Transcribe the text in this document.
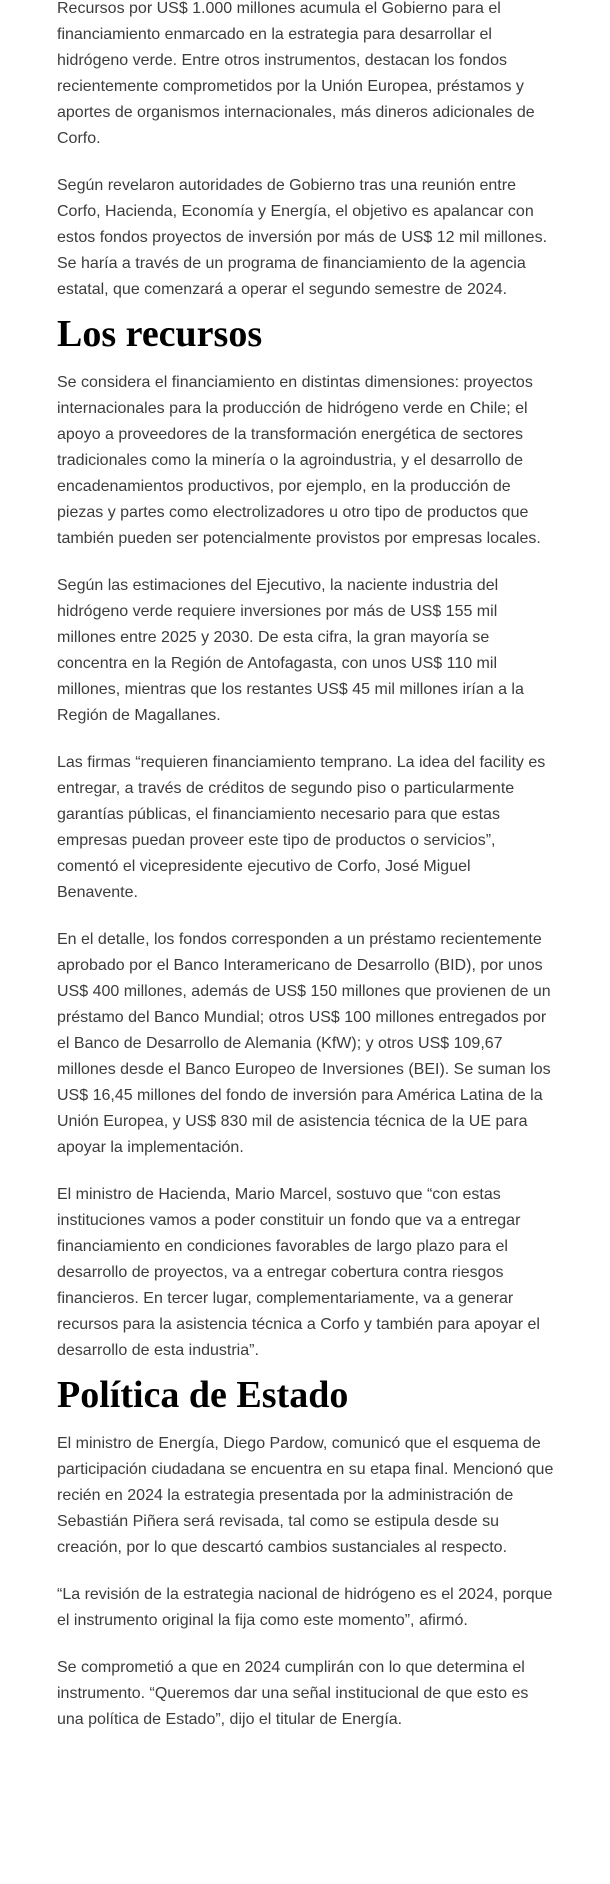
Recursos por US$ 1.000 millones acumula el Gobierno para el financiamiento enmarcado en la estrategia para desarrollar el hidrógeno verde. Entre otros instrumentos, destacan los fondos recientemente comprometidos por la Unión Europea, préstamos y aportes de organismos internacionales, más dineros adicionales de Corfo.

Según revelaron autoridades de Gobierno tras una reunión entre Corfo, Hacienda, Economía y Energía, el objetivo es apalancar con estos fondos proyectos de inversión por más de US$ 12 mil millones. Se haría a través de un programa de financiamiento de la agencia estatal, que comenzará a operar el segundo semestre de 2024.

Los recursos

Se considera el financiamiento en distintas dimensiones: proyectos internacionales para la producción de hidrógeno verde en Chile; el apoyo a proveedores de la transformación energética de sectores tradicionales como la minería o la agroindustria, y el desarrollo de encadenamientos productivos, por ejemplo, en la producción de piezas y partes como electrolizadores u otro tipo de productos que también pueden ser potencialmente provistos por empresas locales.

Según las estimaciones del Ejecutivo, la naciente industria del hidrógeno verde requiere inversiones por más de US$ 155 mil millones entre 2025 y 2030. De esta cifra, la gran mayoría se concentra en la Región de Antofagasta, con unos US$ 110 mil millones, mientras que los restantes US$ 45 mil millones irían a la Región de Magallanes.

Las firmas “requieren financiamiento temprano. La idea del facility es entregar, a través de créditos de segundo piso o particularmente garantías públicas, el financiamiento necesario para que estas empresas puedan proveer este tipo de productos o servicios”, comentó el vicepresidente ejecutivo de Corfo, José Miguel Benavente.

En el detalle, los fondos corresponden a un préstamo recientemente aprobado por el Banco Interamericano de Desarrollo (BID), por unos US$ 400 millones, además de US$ 150 millones que provienen de un préstamo del Banco Mundial; otros US$ 100 millones entregados por el Banco de Desarrollo de Alemania (KfW); y otros US$ 109,67 millones desde el Banco Europeo de Inversiones (BEI). Se suman los US$ 16,45 millones del fondo de inversión para América Latina de la Unión Europea, y US$ 830 mil de asistencia técnica de la UE para apoyar la implementación.

El ministro de Hacienda, Mario Marcel, sostuvo que “con estas instituciones vamos a poder constituir un fondo que va a entregar financiamiento en condiciones favorables de largo plazo para el desarrollo de proyectos, va a entregar cobertura contra riesgos financieros. En tercer lugar, complementariamente, va a generar recursos para la asistencia técnica a Corfo y también para apoyar el desarrollo de esta industria”.

Política de Estado

El ministro de Energía, Diego Pardow, comunicó que el esquema de participación ciudadana se encuentra en su etapa final. Mencionó que recién en 2024 la estrategia presentada por la administración de Sebastián Piñera será revisada, tal como se estipula desde su creación, por lo que descartó cambios sustanciales al respecto.

“La revisión de la estrategia nacional de hidrógeno es el 2024, porque el instrumento original la fija como este momento”, afirmó.

Se comprometió a que en 2024 cumplirán con lo que determina el instrumento. “Queremos dar una señal institucional de que esto es una política de Estado”, dijo el titular de Energía.
